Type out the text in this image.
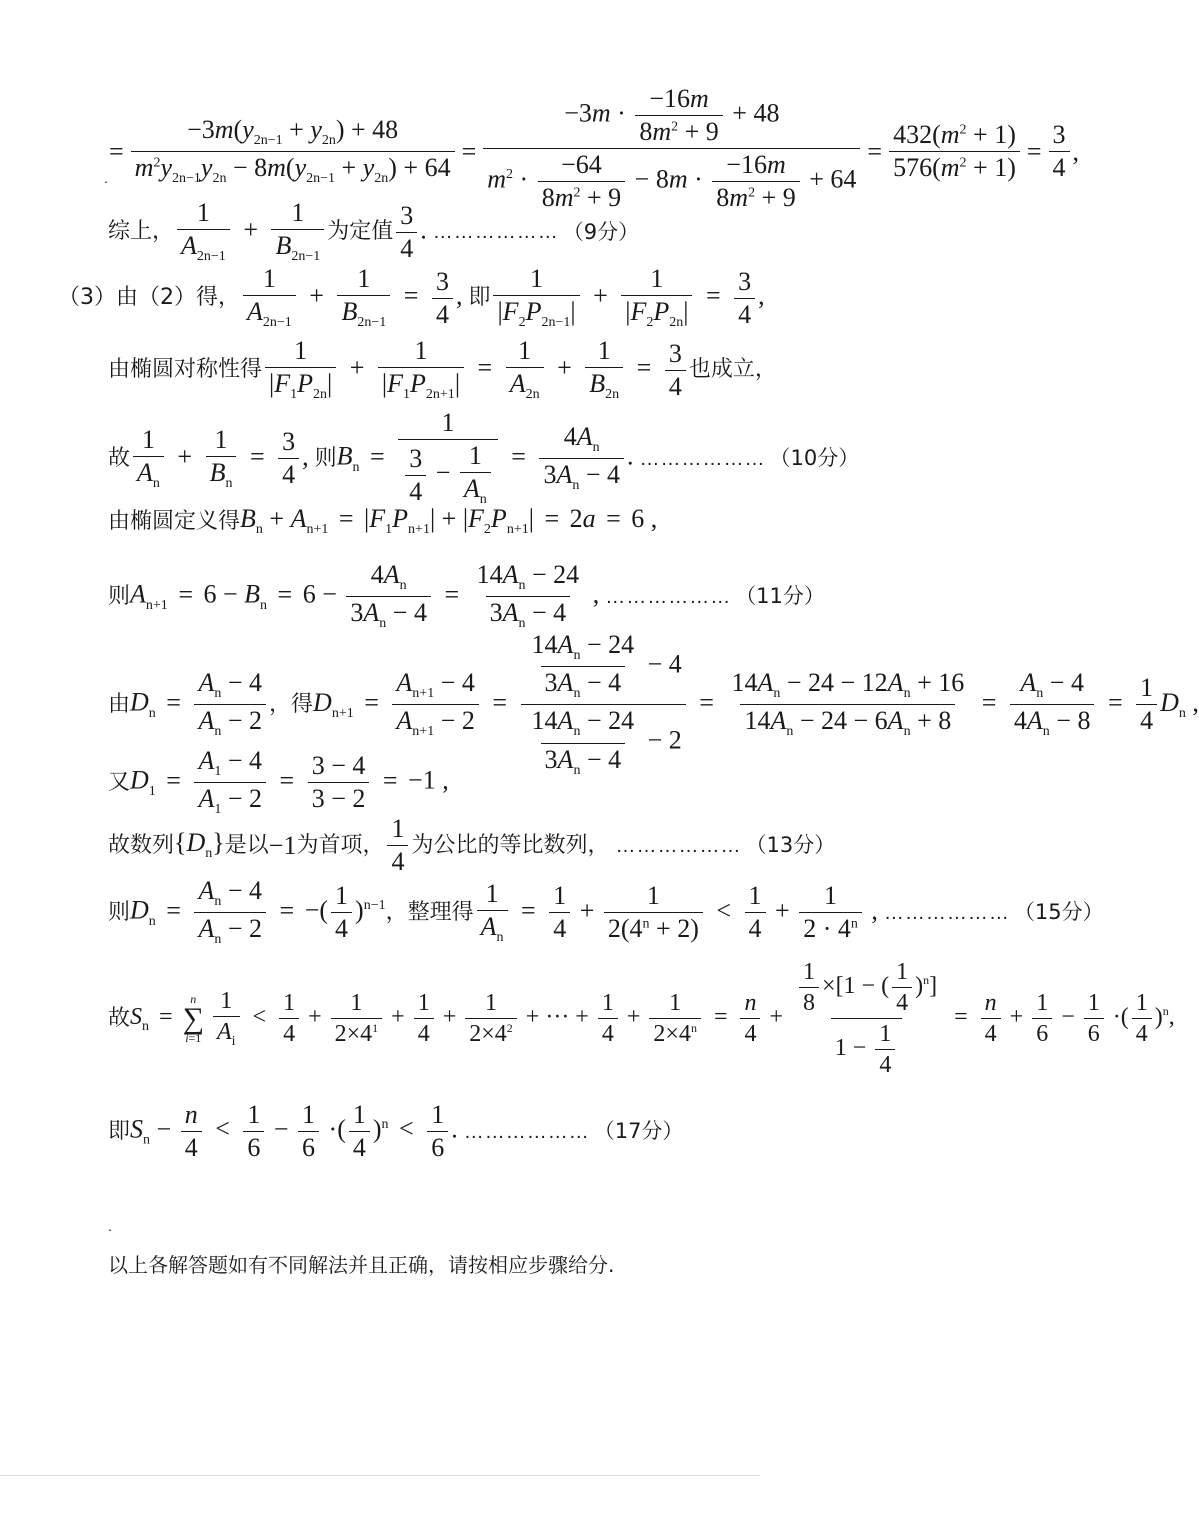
= $\frac{-3m(y_{2n-1} + y_{2n}) + 48}{m^2y_{2n-1}y_{2n} - 8m(y_{2n-1} + y_{2n}) + 64} = \frac{-3m \cdot \frac{-16m}{8m^2 + 9} + 48}{m^2 \cdot \frac{-64}{8m^2 + 9} - 8m \cdot \frac{-16m}{8m^2 + 9} + 64} = \frac{432(m^2 + 1)}{576(m^2 + 1)} = \frac{3}{4}$ ,
.
综上， $\frac{1}{A_{2n-1}} + \frac{1}{B_{2n-1}}$ 为定值 $\frac{3}{4}$ . ……………… （9分）
（3）由（2）得， $\frac{1}{A_{2n-1}} + \frac{1}{B_{2n-1}} = \frac{3}{4}$ , 即 $\frac{1}{|F_2P_{2n-1}|} + \frac{1}{|F_2P_{2n}|} = \frac{3}{4}$ ,
由椭圆对称性得 $\frac{1}{|F_1P_{2n}|} + \frac{1}{|F_1P_{2n+1}|} = \frac{1}{A_{2n}} + \frac{1}{B_{2n}} = \frac{3}{4}$ 也成立，
故 $\frac{1}{A_n} + \frac{1}{B_n} = \frac{3}{4}$ , 则 $B_n = \frac{1}{\frac{3}{4} - \frac{1}{A_n}} = \frac{4A_n}{3A_n - 4}$ . ……………… （10分）
由椭圆定义得 $B_n + A_{n+1} = |F_1P_{n+1}| + |F_2P_{n+1}| = 2a = 6$ ,
则 $A_{n+1} = 6 - B_n = 6 - \frac{4A_n}{3A_n - 4} = \frac{14A_n - 24}{3A_n - 4}$ , ……………… （11分）
由 $D_n = \frac{A_n - 4}{A_n - 2}$ ，得 $D_{n+1} = \frac{A_{n+1} - 4}{A_{n+1} - 2} = \frac{\frac{14A_n - 24}{3A_n - 4} - 4}{\frac{14A_n - 24}{3A_n - 4} - 2} = \frac{14A_n - 24 - 12A_n + 16}{14A_n - 24 - 6A_n + 8} = \frac{A_n - 4}{4A_n - 8} = \frac{1}{4} D_n$ ,
又 $D_1 = \frac{A_1 - 4}{A_1 - 2} = \frac{3 - 4}{3 - 2} = -1$ ,
故数列 $\{D_n\}$ 是以 −1 为首项， $\frac{1}{4}$ 为公比的等比数列， ……………… （13分）
则 $D_n = \frac{A_n - 4}{A_n - 2}$ = −( $\frac{1}{4} )^{n-1}$ ，整理得 $\frac{1}{A_n} = \frac{1}{4} + \frac{1}{2(4^n + 2)} < \frac{1}{4} + \frac{1}{2 \cdot 4^n}$ , ……………… （15分）
故 $S_n$ =
n
∑
i=1
$\frac{1}{A_i} < \frac{1}{4} + \frac{1}{2\times 4^1} + \frac{1}{4} + \frac{1}{2\times 4^2}$ + ··· + $\frac{1}{4} + \frac{1}{2\times 4^n} = \frac{n}{4} + \frac{\frac{1}{8} \times[1 - ( \frac{1}{4} )^n]}{1 - \frac{1}{4}} = \frac{n}{4} + \frac{1}{6} - \frac{1}{6}$ ·( $\frac{1}{4} )^n$,
即 $S_n - \frac{n}{4} < \frac{1}{6} - \frac{1}{6}$ ·( $\frac{1}{4} )^n < \frac{1}{6}$ . ……………… （17分）
.
以上各解答题如有不同解法并且正确，请按相应步骤给分.
